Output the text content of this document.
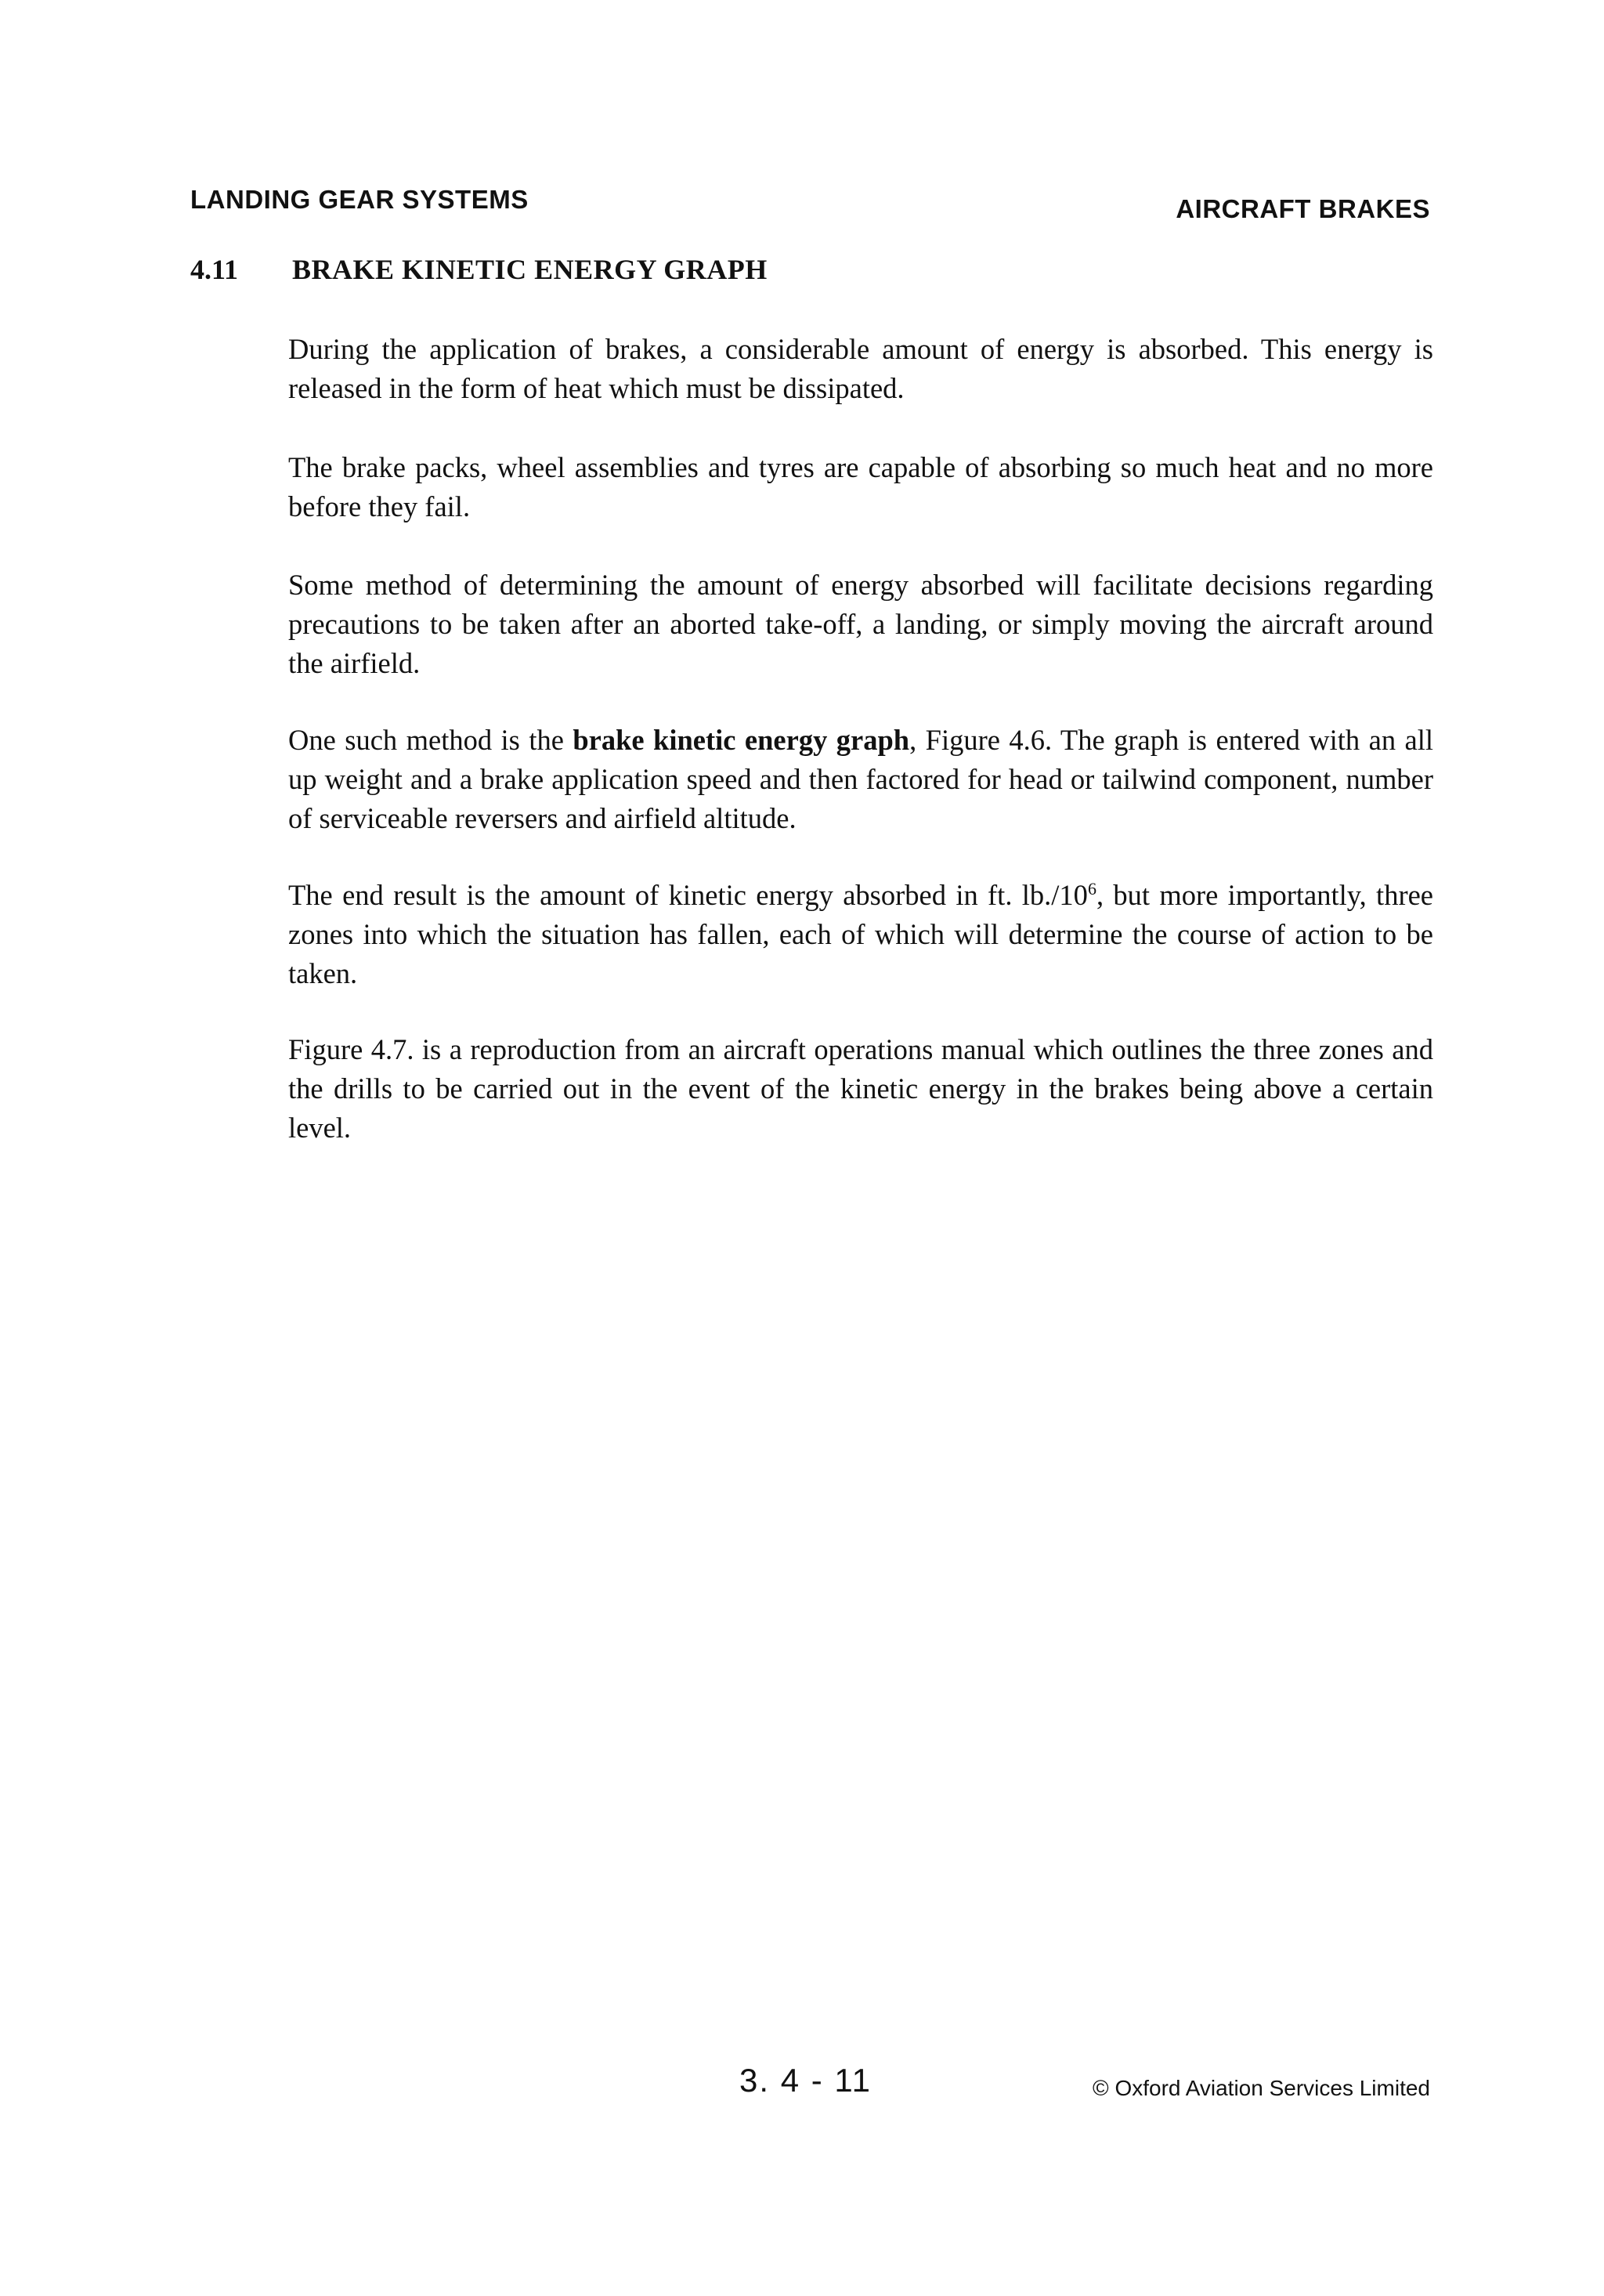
LANDING GEAR SYSTEMS	AIRCRAFT BRAKES
4.11 BRAKE KINETIC ENERGY GRAPH

During the application of brakes, a considerable amount of energy is absorbed. This energy is released in the form of heat which must be dissipated.

The brake packs, wheel assemblies and tyres are capable of absorbing so much heat and no more before they fail.

Some method of determining the amount of energy absorbed will facilitate decisions regarding precautions to be taken after an aborted take-off, a landing, or simply moving the aircraft around the airfield.

One such method is the brake kinetic energy graph, Figure 4.6. The graph is entered with an all up weight and a brake application speed and then factored for head or tailwind component, number of serviceable reversers and airfield altitude.

The end result is the amount of kinetic energy absorbed in ft. $lb./10^6$, but more importantly, three zones into which the situation has fallen, each of which will determine the course of action to be taken.

Figure 4.7. is a reproduction from an aircraft operations manual which outlines the three zones and the drills to be carried out in the event of the kinetic energy in the brakes being above a certain level.

3. 4 - 11	© Oxford Aviation Services Limited
